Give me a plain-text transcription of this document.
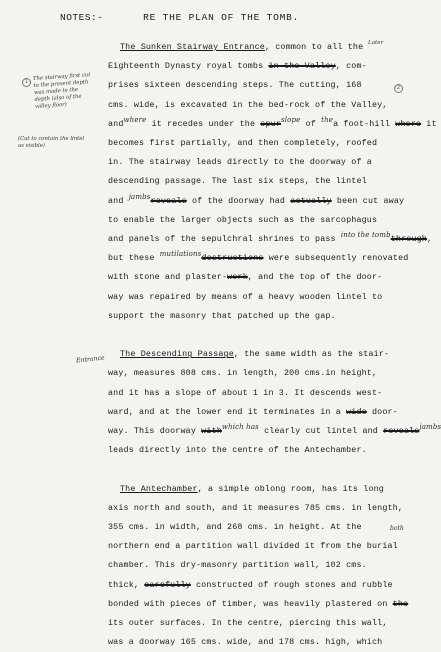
NOTES:-	RE THE PLAN OF THE TOMB.
Later
The stairway first cut to the present depth was made to the depth (also of the valley floor)
(Cut to contain the lintel as visible)
Entrance
both
1
2
The Sunken Stairway Entrance, common to all the
Eighteenth Dynasty royal tombs in the Valley, com-
prises sixteen descending steps. The cutting, 168
cms. wide, is excavated in the bed-rock of the Valley,
and$^{where}$ it recedes under the spur$^{slope}$ of $^{the}$a foot-hill where it
becomes first partially, and then completely, roofed
in. The stairway leads directly to the doorway of a
descending passage. The last six steps, the lintel
and $^{jambs}$reveals of the doorway had actually been cut away
to enable the larger objects such as the sarcophagus
and panels of the sepulchral shrines to pass $^{into the tomb}$through,
but these $^{mutilations}$destructions were subsequently renovated
with stone and plaster-work, and the top of the door-
way was repaired by means of a heavy wooden lintel to
support the masonry that patched up the gap.
The Descending Passage, the same width as the stair-
way, measures 808 cms. in length, 200 cms.in height,
and it has a slope of about 1 in 3. It descends west-
ward, and at the lower end it terminates in a wide door-
way. This doorway with$^{which has}$ clearly cut lintel and reveals$^{jambs}$
leads directly into the centre of the Antechamber.
The Antechamber, a simple oblong room, has its long
axis north and south, and it measures 785 cms. in length,
355 cms. in width, and 268 cms. in height. At the
northern end a partition wall divided it from the burial
chamber. This dry-masonry partition wall, 102 cms.
thick, carefully constructed of rough stones and rubble
bonded with pieces of timber, was heavily plastered on the
its outer surfaces. In the centre, piercing this wall,
was a doorway 165 cms. wide, and 178 cms. high, which
